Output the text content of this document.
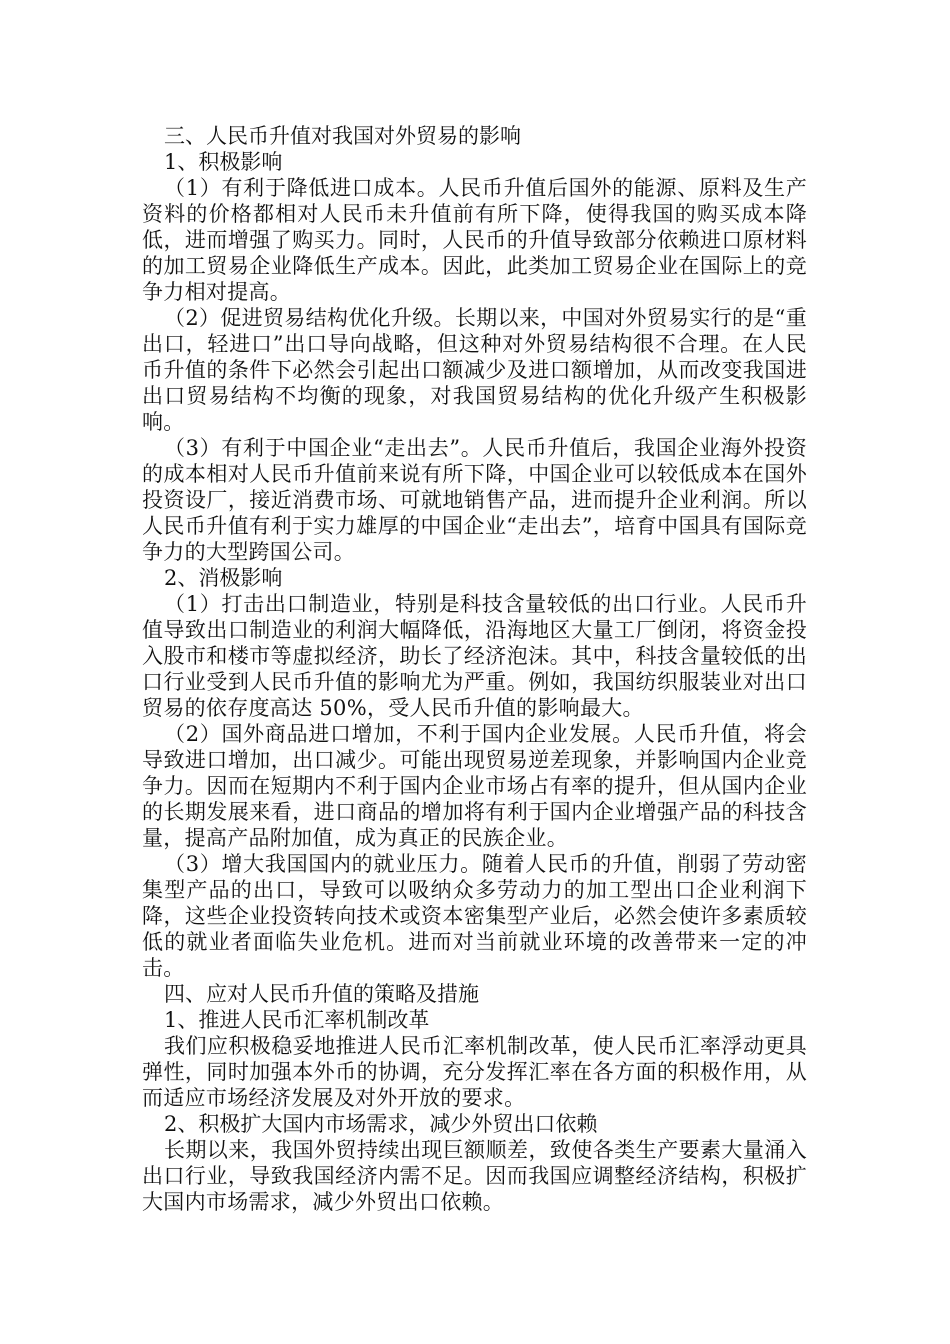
三、人民币升值对我国对外贸易的影响
1、积极影响

（1）有利于降低进口成本。人民币升值后国外的能源、原料及生产资料的价格都相对人民币未升值前有所下降，使得我国的购买成本降低，进而增强了购买力。同时，人民币的升值导致部分依赖进口原材料的加工贸易企业降低生产成本。因此，此类加工贸易企业在国际上的竞争力相对提高。

（2）促进贸易结构优化升级。长期以来，中国对外贸易实行的是“重出口，轻进口”出口导向战略，但这种对外贸易结构很不合理。在人民币升值的条件下必然会引起出口额减少及进口额增加，从而改变我国进出口贸易结构不均衡的现象，对我国贸易结构的优化升级产生积极影响。

（3）有利于中国企业“走出去”。人民币升值后，我国企业海外投资的成本相对人民币升值前来说有所下降，中国企业可以较低成本在国外投资设厂，接近消费市场、可就地销售产品，进而提升企业利润。所以人民币升值有利于实力雄厚的中国企业“走出去”，培育中国具有国际竞争力的大型跨国公司。

2、消极影响

（1）打击出口制造业，特别是科技含量较低的出口行业。人民币升值导致出口制造业的利润大幅降低，沿海地区大量工厂倒闭，将资金投入股市和楼市等虚拟经济，助长了经济泡沫。其中，科技含量较低的出口行业受到人民币升值的影响尤为严重。例如，我国纺织服装业对出口贸易的依存度高达 50%，受人民币升值的影响最大。

（2）国外商品进口增加，不利于国内企业发展。人民币升值，将会导致进口增加，出口减少。可能出现贸易逆差现象，并影响国内企业竞争力。因而在短期内不利于国内企业市场占有率的提升，但从国内企业的长期发展来看，进口商品的增加将有利于国内企业增强产品的科技含量，提高产品附加值，成为真正的民族企业。

（3）增大我国国内的就业压力。随着人民币的升值，削弱了劳动密集型产品的出口，导致可以吸纳众多劳动力的加工型出口企业利润下降，这些企业投资转向技术或资本密集型产业后，必然会使许多素质较低的就业者面临失业危机。进而对当前就业环境的改善带来一定的冲击。

四、应对人民币升值的策略及措施
1、推进人民币汇率机制改革

我们应积极稳妥地推进人民币汇率机制改革，使人民币汇率浮动更具弹性，同时加强本外币的协调，充分发挥汇率在各方面的积极作用，从而适应市场经济发展及对外开放的要求。

2、积极扩大国内市场需求，减少外贸出口依赖

长期以来，我国外贸持续出现巨额顺差，致使各类生产要素大量涌入出口行业，导致我国经济内需不足。因而我国应调整经济结构，积极扩大国内市场需求，减少外贸出口依赖。
